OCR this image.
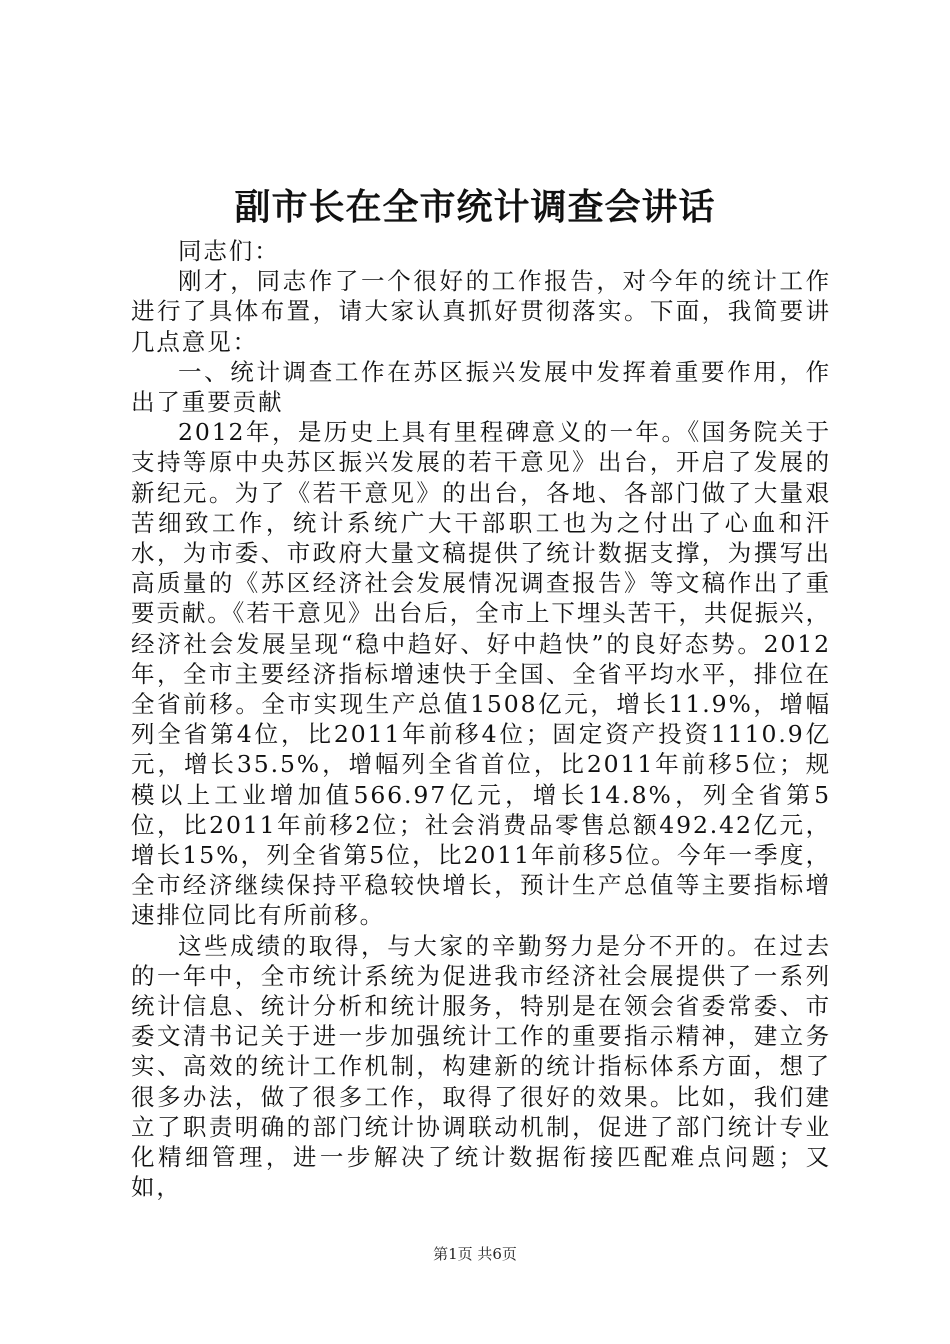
副市长在全市统计调查会讲话

同志们：

刚才，同志作了一个很好的工作报告，对今年的统计工作进行了具体布置，请大家认真抓好贯彻落实。下面，我简要讲几点意见：

一、统计调查工作在苏区振兴发展中发挥着重要作用，作出了重要贡献

2012年，是历史上具有里程碑意义的一年。《国务院关于支持等原中央苏区振兴发展的若干意见》出台，开启了发展的新纪元。为了《若干意见》的出台，各地、各部门做了大量艰苦细致工作，统计系统广大干部职工也为之付出了心血和汗水，为市委、市政府大量文稿提供了统计数据支撑，为撰写出高质量的《苏区经济社会发展情况调查报告》等文稿作出了重要贡献。《若干意见》出台后，全市上下埋头苦干，共促振兴，经济社会发展呈现“稳中趋好、好中趋快”的良好态势。2012年，全市主要经济指标增速快于全国、全省平均水平，排位在全省前移。全市实现生产总值1508亿元，增长11.9%，增幅列全省第4位，比2011年前移4位；固定资产投资1110.9亿元，增长35.5%，增幅列全省首位，比2011年前移5位；规模以上工业增加值566.97亿元，增长14.8%，列全省第5位，比2011年前移2位；社会消费品零售总额492.42亿元，增长15%，列全省第5位，比2011年前移5位。今年一季度，全市经济继续保持平稳较快增长，预计生产总值等主要指标增速排位同比有所前移。

这些成绩的取得，与大家的辛勤努力是分不开的。在过去的一年中，全市统计系统为促进我市经济社会展提供了一系列统计信息、统计分析和统计服务，特别是在领会省委常委、市委文清书记关于进一步加强统计工作的重要指示精神，建立务实、高效的统计工作机制，构建新的统计指标体系方面，想了很多办法，做了很多工作，取得了很好的效果。比如，我们建立了职责明确的部门统计协调联动机制，促进了部门统计专业化精细管理，进一步解决了统计数据衔接匹配难点问题；又如，

第1页 共6页
